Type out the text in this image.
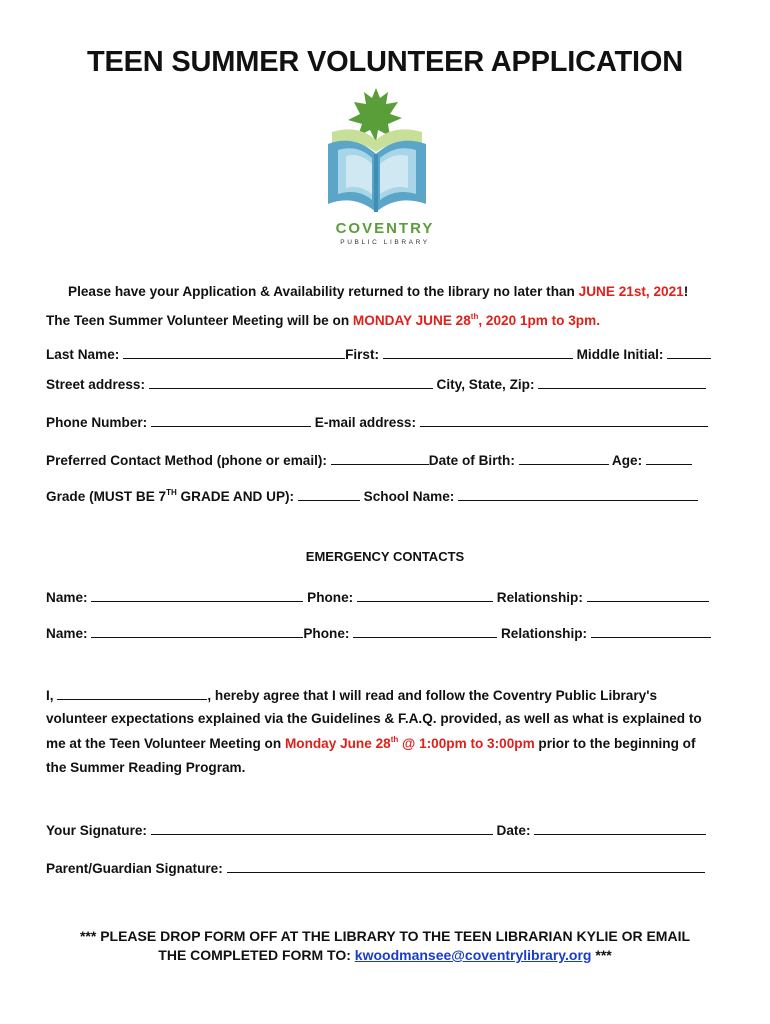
TEEN SUMMER VOLUNTEER APPLICATION
COVENTRY
PUBLIC LIBRARY
Please have your Application & Availability returned to the library no later than JUNE 21st, 2021!
The Teen Summer Volunteer Meeting will be on MONDAY JUNE 28th, 2020 1pm to 3pm.
Last Name:	First:	Middle Initial:
Street address:	City, State, Zip:
Phone Number:	E-mail address:
Preferred Contact Method (phone or email):	Date of Birth:	Age:
Grade (MUST BE 7TH GRADE AND UP):	School Name:
EMERGENCY CONTACTS
Name:	Phone:	Relationship:
Name:	Phone:	Relationship:
I,	, hereby agree that I will read and follow the Coventry Public Library's
volunteer expectations explained via the Guidelines & F.A.Q. provided, as well as what is explained to
me at the Teen Volunteer Meeting on Monday June 28th @ 1:00pm to 3:00pm prior to the beginning of
the Summer Reading Program.
Your Signature:	Date:
Parent/Guardian Signature:
*** PLEASE DROP FORM OFF AT THE LIBRARY TO THE TEEN LIBRARIAN KYLIE OR EMAIL
THE COMPLETED FORM TO: kwoodmansee@coventrylibrary.org ***
